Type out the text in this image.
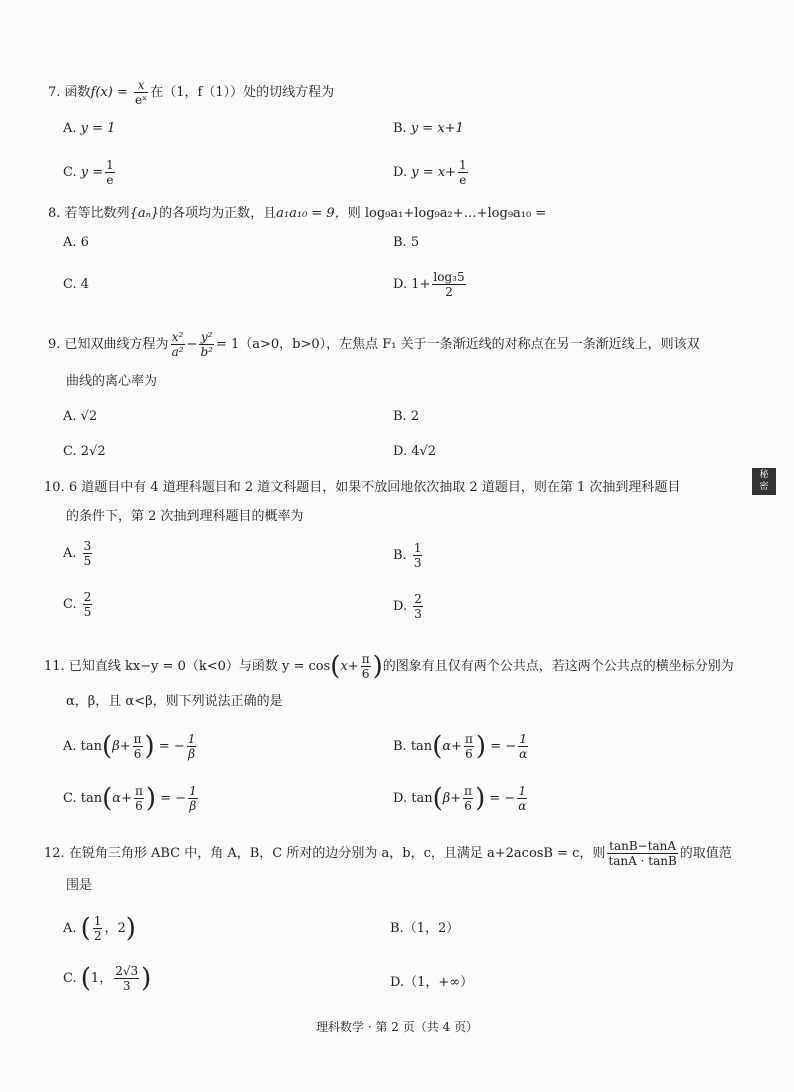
7. 函数$f(x) = \frac{x}{\text{eˣ}}$ 在（1，f（1））处的切线方程为
A. y = 1	B. y = x+1
C. $y = \frac{1}{e}$	D. $y = x+ \frac{1}{e}$
8. 若等比数列{aₙ}的各项均为正数，且a₁a₁₀ = 9，则 log₉a₁+log₉a₂+…+log₉a₁₀ =
A. 6	B. 5
C. 4	D. $1+ \frac{\text{log₃5}}{2}$
9. 已知双曲线方程为 $\frac{\text{x²}}{\text{a²}} - \frac{\text{y²}}{\text{b²}} = 1(a>0$，b>0），左焦点 F₁ 关于一条渐近线的对称点在另一条渐近线上，则该双
曲线的离心率为
A. √2	B. 2
C. 2√2	D. 4√2
10. 6 道题目中有 4 道理科题目和 2 道文科题目，如果不放回地依次抽取 2 道题目，则在第 1 次抽到理科题目
的条件下，第 2 次抽到理科题目的概率为
A. $\frac{3}{5}$	B. $\frac{1}{3}$
C. $\frac{2}{5}$	D. $\frac{2}{3}$
11. 已知直线 kx−y = 0（k<0）与函数 $y = \cos(x+ \frac{\pi}{6}$ )的图象有且仅有两个公共点，若这两个公共点的横坐标分别为
α，β，且 α<β，则下列说法正确的是
A. $\tan(\beta+ \frac{\pi}{6}$ ) = − $\frac{1}{\beta}$	B. $\tan(\alpha+ \frac{\pi}{6}$ ) = − $\frac{1}{\alpha}$
C. $\tan(\alpha+ \frac{\pi}{6}$ ) = − $\frac{1}{\beta}$	D. $\tan(\beta+ \frac{\pi}{6}$ ) = − $\frac{1}{\alpha}$
12. 在锐角三角形 ABC 中，角 A，B，C 所对的边分别为 a，b，c，且满足 a+2acosB = c，则 $\frac{\tan B-\tan A}{\tan A \cdot \tan B}$ 的取值范
围是
A. ( $\frac{1}{2}$ ，2)	B.（1，2）
C. (1， $\frac{2√3}{3}$ )	D.（1，+∞）
秘
密
理科数学 · 第 2 页（共 4 页）
